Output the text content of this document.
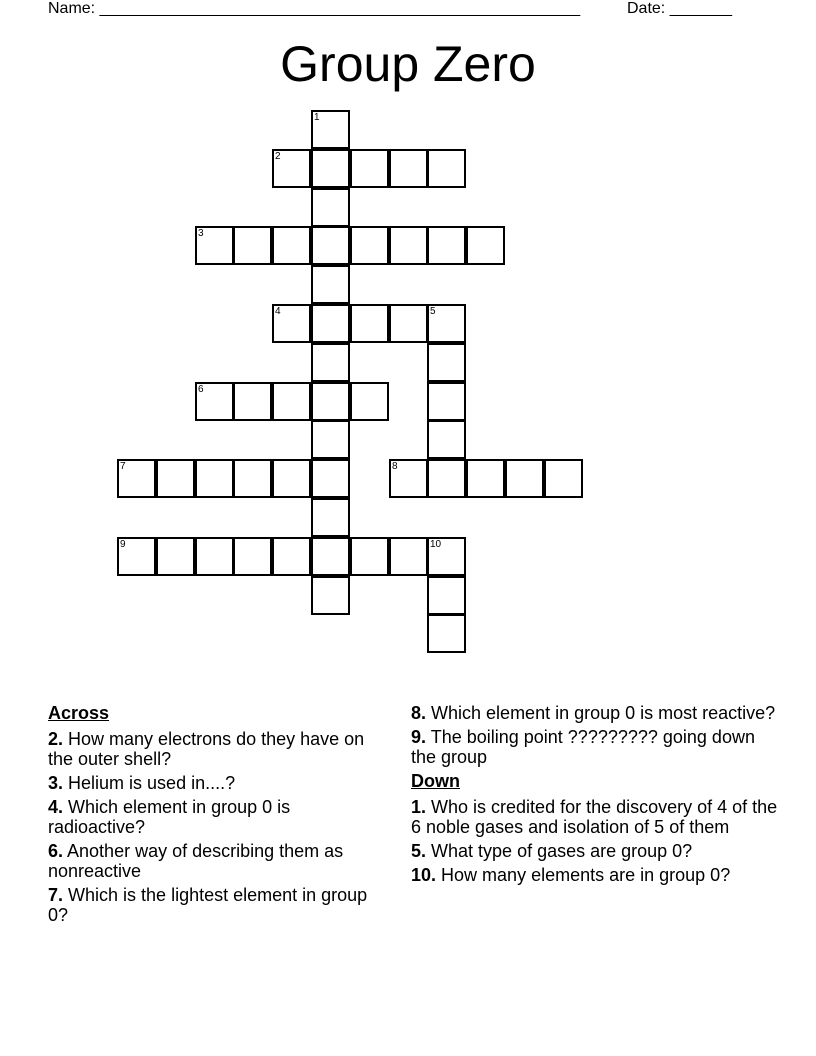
Name: ______________________________________________________	Date: _______
Group Zero
1
2
3
4	5
6
7	8
9	10
Across
2. How many electrons do they have on the outer shell?
3. Helium is used in....?
4. Which element in group 0 is radioactive?
6. Another way of describing them as nonreactive
7. Which is the lightest element in group 0?
8. Which element in group 0 is most reactive?
9. The boiling point ????????? going down the group
Down
1. Who is credited for the discovery of 4 of the 6 noble gases and isolation of 5 of them
5. What type of gases are group 0?
10. How many elements are in group 0?
